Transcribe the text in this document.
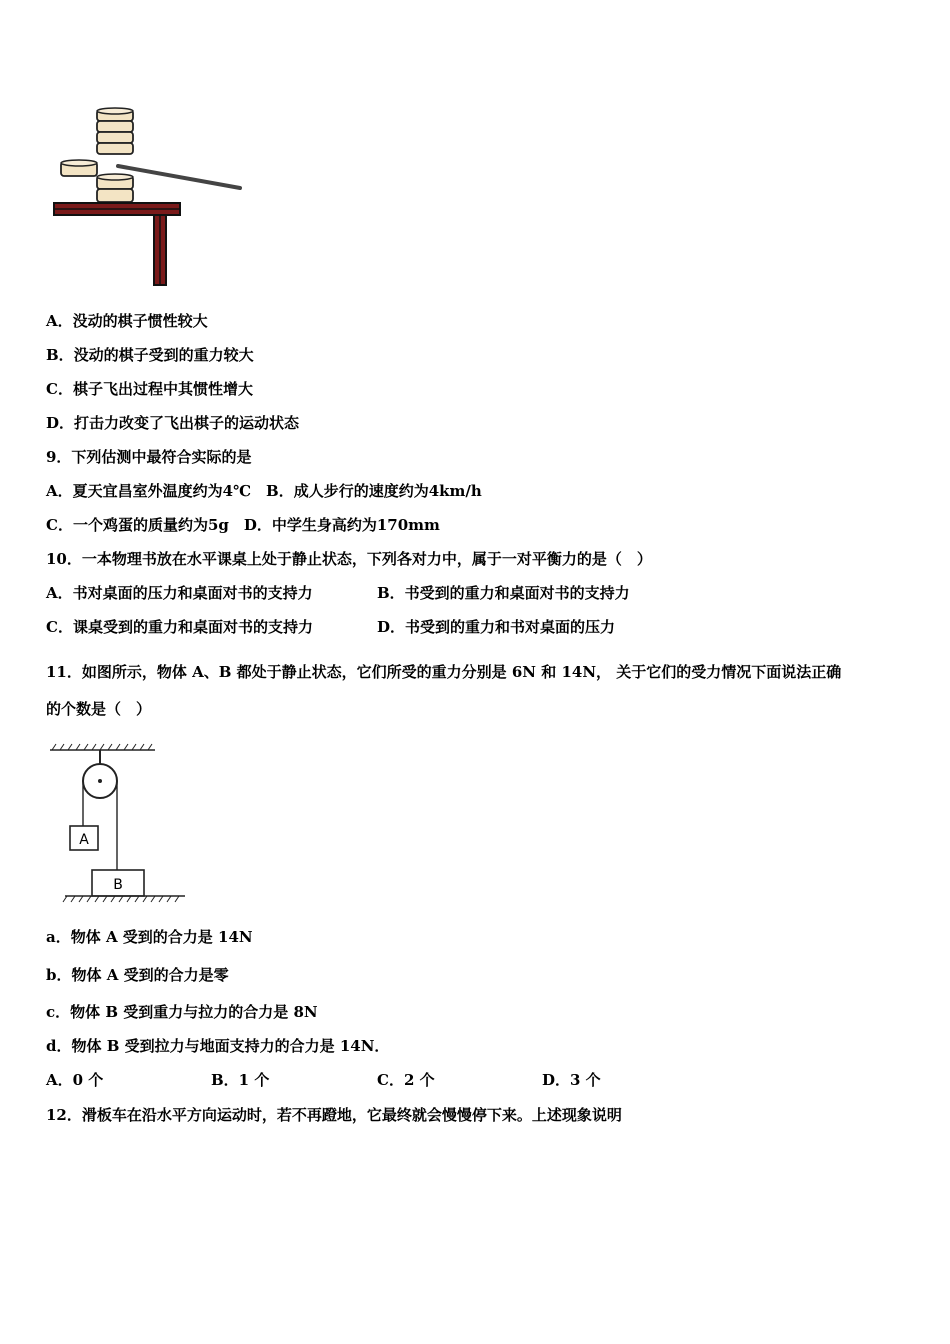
A．没动的棋子惯性较大
B．没动的棋子受到的重力较大
C．棋子飞出过程中其惯性增大
D．打击力改变了飞出棋子的运动状态
9．下列估测中最符合实际的是
A．夏天宜昌室外温度约为4℃　B．成人步行的速度约为4km/h
C．一个鸡蛋的质量约为5g　D．中学生身高约为170mm
10．一本物理书放在水平课桌上处于静止状态，下列各对力中，属于一对平衡力的是（　）
A．书对桌面的压力和桌面对书的支持力	B．书受到的重力和桌面对书的支持力
C．课桌受到的重力和桌面对书的支持力	D．书受到的重力和书对桌面的压力
11．如图所示，物体 A、B 都处于静止状态，它们所受的重力分别是 6N 和 14N， 关于它们的受力情况下面说法正确
的个数是（　）
A
B
a．物体 A 受到的合力是 14N
b．物体 A 受到的合力是零
c．物体 B 受到重力与拉力的合力是 8N
d．物体 B 受到拉力与地面支持力的合力是 14N．
A．0 个	B．1 个	C．2 个	D．3 个
12．滑板车在沿水平方向运动时，若不再蹬地，它最终就会慢慢停下来。上述现象说明
